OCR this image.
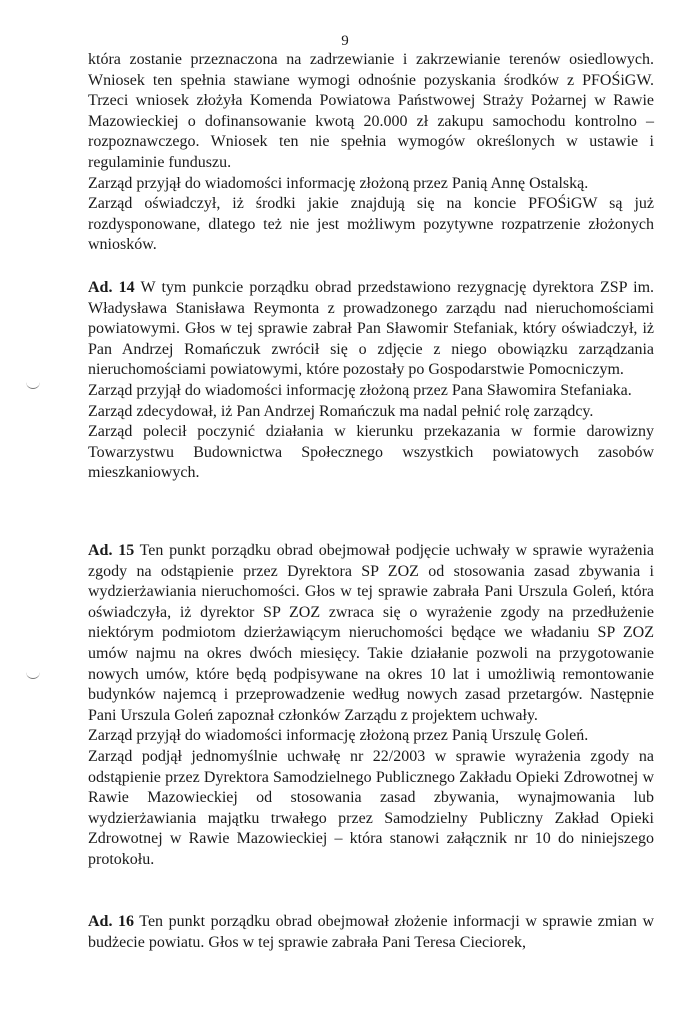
9

która zostanie przeznaczona na zadrzewianie i zakrzewianie terenów osiedlowych. Wniosek ten spełnia stawiane wymogi odnośnie pozyskania środków z PFOŚiGW. Trzeci wniosek złożyła Komenda Powiatowa Państwowej Straży Pożarnej w Rawie Mazowieckiej o dofinansowanie kwotą 20.000 zł zakupu samochodu kontrolno – rozpoznawczego. Wniosek ten nie spełnia wymogów określonych w ustawie i regulaminie funduszu.

Zarząd przyjął do wiadomości informację złożoną przez Panią Annę Ostalską.

Zarząd oświadczył, iż środki jakie znajdują się na koncie PFOŚiGW są już rozdysponowane, dlatego też nie jest możliwym pozytywne rozpatrzenie złożonych wniosków.

Ad. 14 W tym punkcie porządku obrad przedstawiono rezygnację dyrektora ZSP im. Władysława Stanisława Reymonta z prowadzonego zarządu nad nieruchomościami powiatowymi. Głos w tej sprawie zabrał Pan Sławomir Stefaniak, który oświadczył, iż Pan Andrzej Romańczuk zwrócił się o zdjęcie z niego obowiązku zarządzania nieruchomościami powiatowymi, które pozostały po Gospodarstwie Pomocniczym.

Zarząd przyjął do wiadomości informację złożoną przez Pana Sławomira Stefaniaka.

Zarząd zdecydował, iż Pan Andrzej Romańczuk ma nadal pełnić rolę zarządcy.

Zarząd polecił poczynić działania w kierunku przekazania w formie darowizny Towarzystwu Budownictwa Społecznego wszystkich powiatowych zasobów mieszkaniowych.

Ad. 15 Ten punkt porządku obrad obejmował podjęcie uchwały w sprawie wyrażenia zgody na odstąpienie przez Dyrektora SP ZOZ od stosowania zasad zbywania i wydzierżawiania nieruchomości. Głos w tej sprawie zabrała Pani Urszula Goleń, która oświadczyła, iż dyrektor SP ZOZ zwraca się o wyrażenie zgody na przedłużenie niektórym podmiotom dzierżawiącym nieruchomości będące we władaniu SP ZOZ umów najmu na okres dwóch miesięcy. Takie działanie pozwoli na przygotowanie nowych umów, które będą podpisywane na okres 10 lat i umożliwią remontowanie budynków najemcą i przeprowadzenie według nowych zasad przetargów. Następnie Pani Urszula Goleń zapoznał członków Zarządu z projektem uchwały.

Zarząd przyjął do wiadomości informację złożoną przez Panią Urszulę Goleń.

Zarząd podjął jednomyślnie uchwałę nr 22/2003 w sprawie wyrażenia zgody na odstąpienie przez Dyrektora Samodzielnego Publicznego Zakładu Opieki Zdrowotnej w Rawie Mazowieckiej od stosowania zasad zbywania, wynajmowania lub wydzierżawiania majątku trwałego przez Samodzielny Publiczny Zakład Opieki Zdrowotnej w Rawie Mazowieckiej – która stanowi załącznik nr 10 do niniejszego protokołu.

Ad. 16 Ten punkt porządku obrad obejmował złożenie informacji w sprawie zmian w budżecie powiatu. Głos w tej sprawie zabrała Pani Teresa Cieciorek,
